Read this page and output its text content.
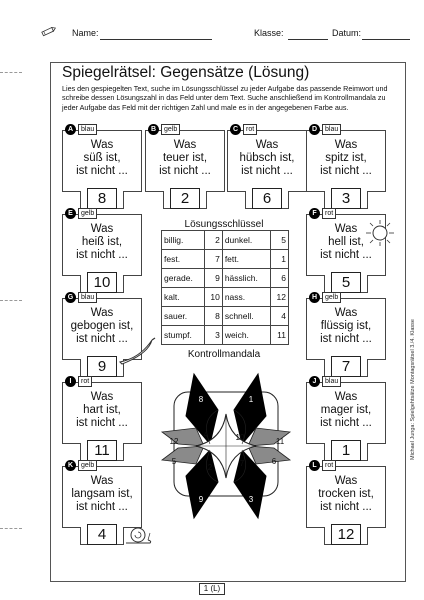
Name:	Klasse:	Datum:
Spiegelrätsel: Gegensätze (Lösung)
Lies den gespiegelten Text, suche im Lösungsschlüssel zu jeder Aufgabe das passende Reimwort und schreibe dessen Lösungszahl in das Feld unter dem Text. Suche anschließend im Kontrollmandala zu jeder Aufgabe das Feld mit der richtigen Zahl und male es in der angegebenen Farbe aus.
Was
süß ist,
ist nicht ...
8
A	blau
Was
teuer ist,
ist nicht ...
2
B	gelb
Was
hübsch ist,
ist nicht ...
6
C	rot
Was
spitz ist,
ist nicht ...
3
D	blau
Was
heiß ist,
ist nicht ...
10
E	gelb
Was
hell ist,
ist nicht ...
5
F	rot
Was
gebogen ist,
ist nicht ...
9
G	blau
Was
flüssig ist,
ist nicht ...
7
H	gelb
Was
hart ist,
ist nicht ...
11
I	rot
Was
mager ist,
ist nicht ...
1
J	blau
Was
langsam ist,
ist nicht ...
4
K	gelb
Was
trocken ist,
ist nicht ...
12
L	rot
Lösungsschlüssel
billig.	2	dunkel.	5
fest.	7	fett.	1
gerade.	9	hässlich.	6
kalt.	10	nass.	12
sauer.	8	schnell.	4
stumpf.	3	weich.	11
Kontrollmandala
8	1
4	10	11
12
6
5
2	7
9	3
1 (L)
Michael Junga: Spielgehtsätze Montagsrätsel 3./4. Klasse
